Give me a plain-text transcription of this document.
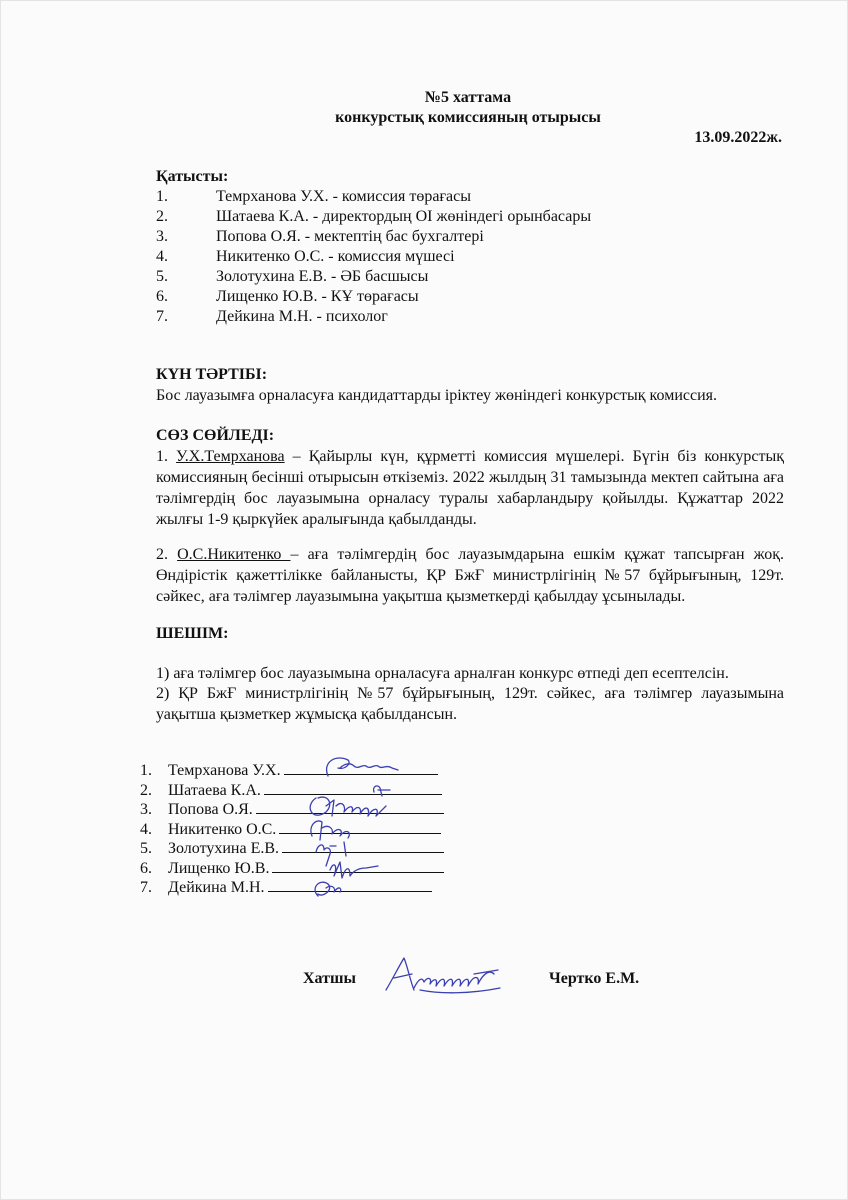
№5 хаттама
конкурстық комиссияның отырысы
13.09.2022ж.
Қатысты:
1.	Темрханова У.Х. - комиссия төрағасы
2.	Шатаева К.А. - директордың ОІ жөніндегі орынбасары
3.	Попова О.Я. - мектептің бас бухгалтері
4.	Никитенко О.С. - комиссия мүшесі
5.	Золотухина Е.В. - ӘБ басшысы
6.	Лищенко Ю.В. - КҰ төрағасы
7.	Дейкина М.Н. - психолог
КҮН ТӘРТІБІ:
Бос лауазымға орналасуға кандидаттарды іріктеу жөніндегі конкурстық комиссия.
СӨЗ СӨЙЛЕДІ:
1. У.Х.Темрханова – Қайырлы күн, құрметті комиссия мүшелері. Бүгін біз конкурстық комиссияның бесінші отырысын өткіземіз. 2022 жылдың 31 тамызында мектеп сайтына аға тәлімгердің бос лауазымына орналасу туралы хабарландыру қойылды. Құжаттар 2022 жылғы 1-9 қыркүйек аралығында қабылданды.
2. О.С.Никитенко – аға тәлімгердің бос лауазымдарына ешкім құжат тапсырған жоқ. Өндірістік қажеттілікке байланысты, ҚР БжҒ министрлігінің №57 бұйрығының, 129т. сәйкес, аға тәлімгер лауазымына уақытша қызметкерді қабылдау ұсынылады.
ШЕШІМ:
1) аға тәлімгер бос лауазымына орналасуға арналған конкурс өтпеді деп есептелсін.
2) ҚР БжҒ министрлігінің №57 бұйрығының, 129т. сәйкес, аға тәлімгер лауазымына уақытша қызметкер жұмысқа қабылдансын.
1.	Темрханова У.Х.
2.	Шатаева К.А.
3.	Попова О.Я.
4.	Никитенко О.С.
5.	Золотухина Е.В.
6.	Лищенко Ю.В.
7.	Дейкина М.Н.
Хатшы	Чертко Е.М.
